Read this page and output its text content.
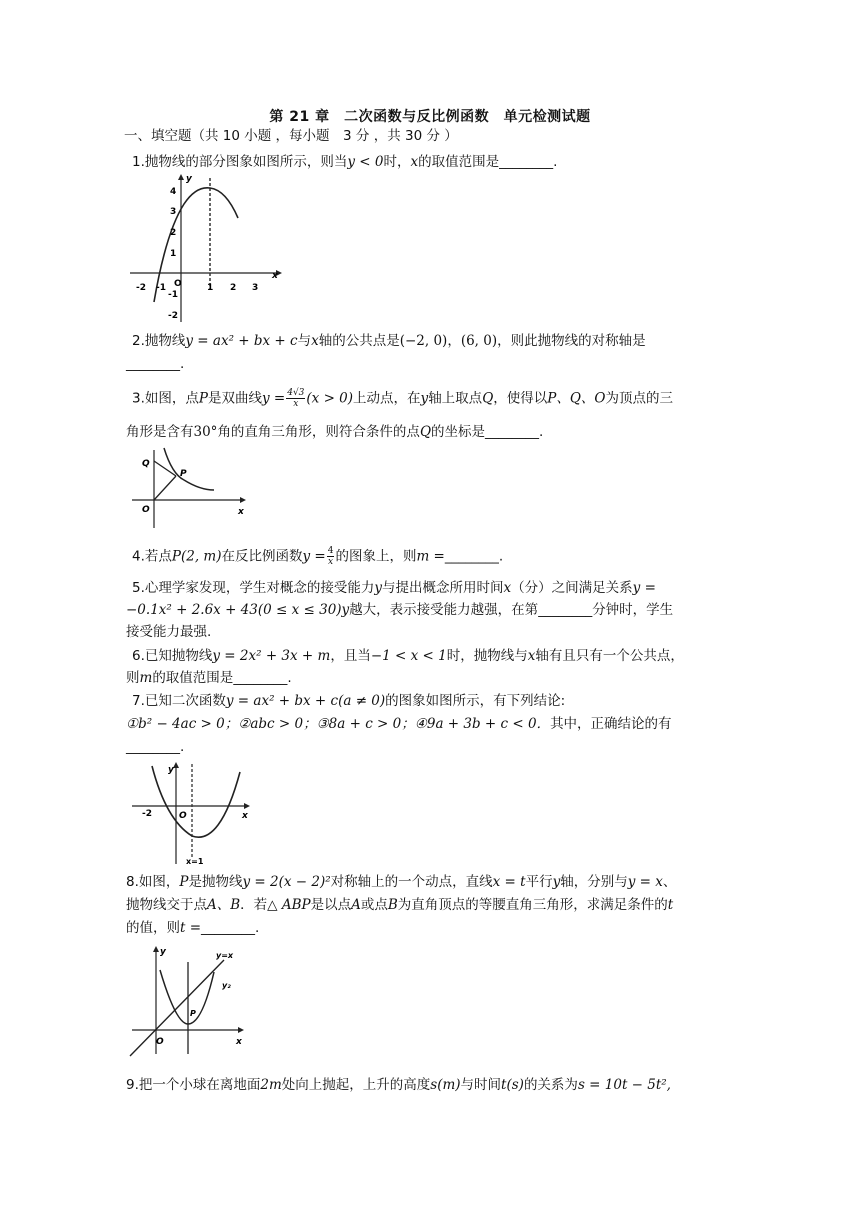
第 21 章　二次函数与反比例函数　单元检测试题
一、填空题（共 10 小题 ，每小题　3 分 ，共 30 分 ）
1.抛物线的部分图象如图所示，则当y < 0时，x的取值范围是________.
-2 -1	1 2 3
O
4
3
2
1
-1
-2
y
x
2.抛物线y = ax² + bx + c与x轴的公共点是(−2, 0)，(6, 0)，则此抛物线的对称轴是
________.
3.如图，点P是双曲线$y = \frac{4√3}{x} (x > 0)$上动点，在y轴上取点Q，使得以P、Q、O为顶点的三
角形是含有30°角的直角三角形，则符合条件的点Q的坐标是________.
Q
P
O	x
4.若点P(2, m)在反比例函数$y = \frac{4}{x}$ 的图象上，则m =________.
5.心理学家发现，学生对概念的接受能力y与提出概念所用时间x（分）之间满足关系y =
−0.1x² + 2.6x + 43(0 ≤ x ≤ 30)y越大，表示接受能力越强，在第________分钟时，学生
接受能力最强.
6.已知抛物线y = 2x² + 3x + m，且当−1 < x < 1时，抛物线与x轴有且只有一个公共点，
则m的取值范围是________.
7.已知二次函数y = ax² + bx + c(a ≠ 0)的图象如图所示，有下列结论:
①b² − 4ac > 0；②abc > 0；③8a + c > 0；④9a + 3b + c < 0．其中，正确结论的有
________.
y
x
O
-2
x=1
8.如图，P是抛物线y = 2(x − 2)²对称轴上的一个动点，直线x = t平行y轴，分别与y = x、
抛物线交于点A、B．若△ ABP是以点A或点B为直角顶点的等腰直角三角形，求满足条件的t
的值，则t =________.
y
x
O
P
y=x
y₂
9.把一个小球在离地面2m处向上抛起，上升的高度s(m)与时间t(s)的关系为s = 10t − 5t²,
